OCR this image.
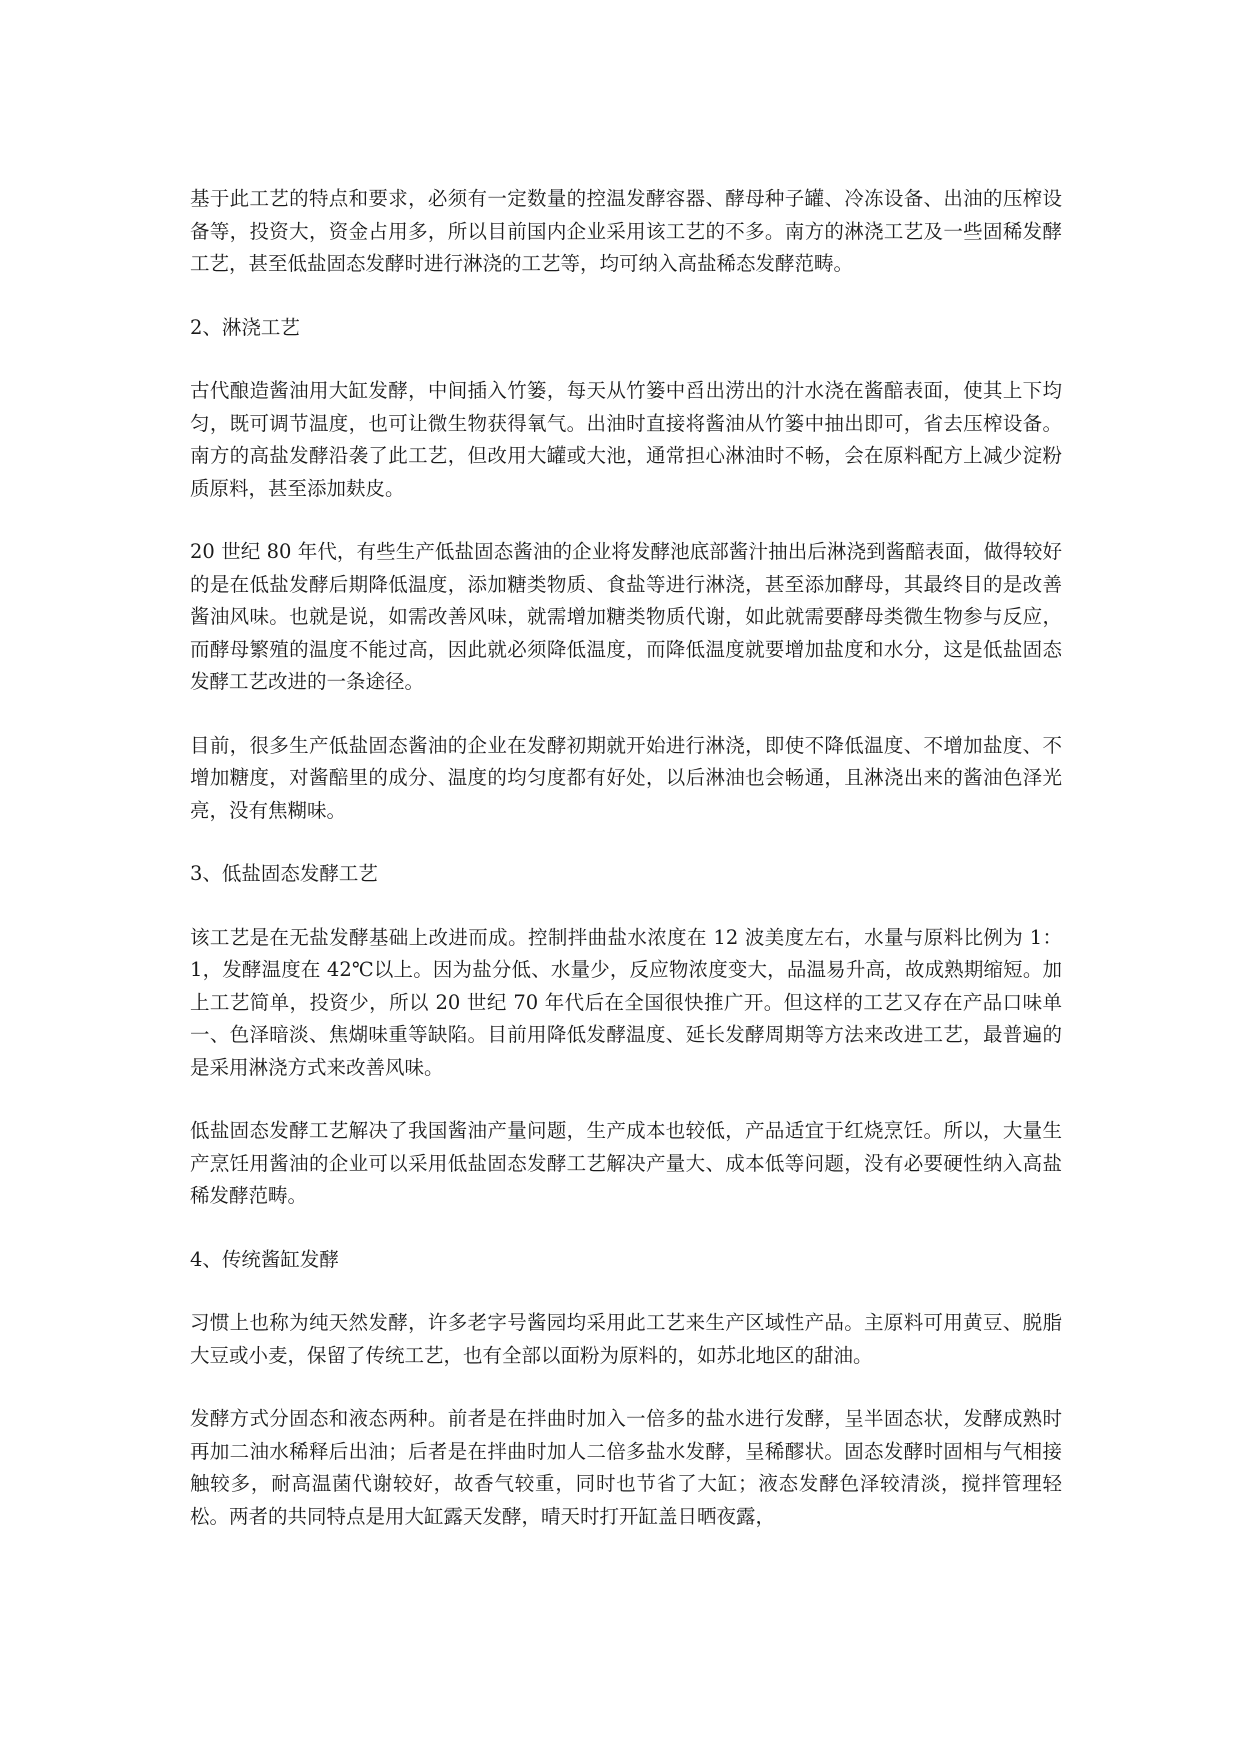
基于此工艺的特点和要求，必须有一定数量的控温发酵容器、酵母种子罐、冷冻设备、出油的压榨设备等，投资大，资金占用多，所以目前国内企业采用该工艺的不多。南方的淋浇工艺及一些固稀发酵工艺，甚至低盐固态发酵时进行淋浇的工艺等，均可纳入高盐稀态发酵范畴。

2、淋浇工艺

古代酿造酱油用大缸发酵，中间插入竹篓，每天从竹篓中舀出涝出的汁水浇在酱醅表面，使其上下均匀，既可调节温度，也可让微生物获得氧气。出油时直接将酱油从竹篓中抽出即可，省去压榨设备。南方的高盐发酵沿袭了此工艺，但改用大罐或大池，通常担心淋油时不畅，会在原料配方上减少淀粉质原料，甚至添加麸皮。

20 世纪 80 年代，有些生产低盐固态酱油的企业将发酵池底部酱汁抽出后淋浇到酱醅表面，做得较好的是在低盐发酵后期降低温度，添加糖类物质、食盐等进行淋浇，甚至添加酵母，其最终目的是改善酱油风味。也就是说，如需改善风味，就需增加糖类物质代谢，如此就需要酵母类微生物参与反应，而酵母繁殖的温度不能过高，因此就必须降低温度，而降低温度就要增加盐度和水分，这是低盐固态发酵工艺改进的一条途径。

目前，很多生产低盐固态酱油的企业在发酵初期就开始进行淋浇，即使不降低温度、不增加盐度、不增加糖度，对酱醅里的成分、温度的均匀度都有好处，以后淋油也会畅通，且淋浇出来的酱油色泽光亮，没有焦糊味。

3、低盐固态发酵工艺

该工艺是在无盐发酵基础上改进而成。控制拌曲盐水浓度在 12 波美度左右，水量与原料比例为 1：1，发酵温度在 42℃以上。因为盐分低、水量少，反应物浓度变大，品温易升高，故成熟期缩短。加上工艺简单，投资少，所以 20 世纪 70 年代后在全国很快推广开。但这样的工艺又存在产品口味单一、色泽暗淡、焦煳味重等缺陷。目前用降低发酵温度、延长发酵周期等方法来改进工艺，最普遍的是采用淋浇方式来改善风味。

低盐固态发酵工艺解决了我国酱油产量问题，生产成本也较低，产品适宜于红烧烹饪。所以，大量生产烹饪用酱油的企业可以采用低盐固态发酵工艺解决产量大、成本低等问题，没有必要硬性纳入高盐稀发酵范畴。

4、传统酱缸发酵

习惯上也称为纯天然发酵，许多老字号酱园均采用此工艺来生产区域性产品。主原料可用黄豆、脱脂大豆或小麦，保留了传统工艺，也有全部以面粉为原料的，如苏北地区的甜油。

发酵方式分固态和液态两种。前者是在拌曲时加入一倍多的盐水进行发酵，呈半固态状，发酵成熟时再加二油水稀释后出油；后者是在拌曲时加人二倍多盐水发酵，呈稀醪状。固态发酵时固相与气相接触较多，耐高温菌代谢较好，故香气较重，同时也节省了大缸；液态发酵色泽较清淡，搅拌管理轻松。两者的共同特点是用大缸露天发酵，晴天时打开缸盖日晒夜露，
